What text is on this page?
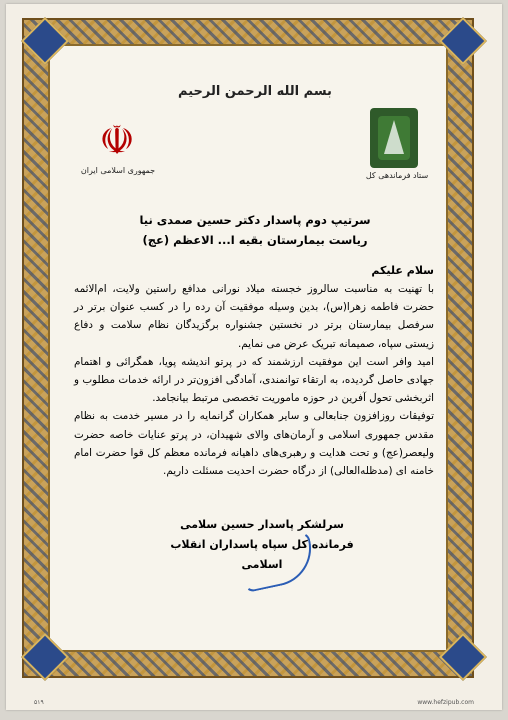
بسم الله الرحمن الرحیم
☫
جمهوری اسلامی ایران
ستاد فرماندهی کل
سرتیپ دوم پاسدار دکتر حسین صمدی نیا
ریاست بیمارستان بقیه ا... الاعظم (عج)
سلام علیکم

با تهنیت به مناسبت سالروز خجسته میلاد نورانی مدافع راستین ولایت، ام‌الائمه حضرت فاطمه زهرا(س)، بدین وسیله موفقیت آن رده را در کسب عنوان برتر در سرفصل بیمارستان برتر در نخستین جشنواره برگزیدگان نظام سلامت و دفاع زیستی سپاه، صمیمانه تبریک عرض می نمایم.

امید وافر است این موفقیت ارزشمند که در پرتو اندیشه پویا، همگرائی و اهتمام جهادی حاصل گردیده، به ارتقاء توانمندی، آمادگی افزون‌تر در ارائه خدمات مطلوب و اثربخشی تحول آفرین در حوزه ماموریت تخصصی مرتبط بیانجامد.

توفیقات روزافزون جنابعالی و سایر همکاران گرانمایه را در مسیر خدمت به نظام مقدس جمهوری اسلامی و آرمان‌های والای شهیدان، در پرتو عنایات خاصه حضرت ولیعصر(عج) و تحت هدایت و رهبری‌های داهیانه فرمانده معظم کل قوا حضرت امام خامنه ای (مدظله‌العالی) از درگاه حضرت احدیت مسئلت داریم.

سرلشکر پاسدار حسین سلامی
فرمانده کل سپاه پاسداران انقلاب اسلامی
۵۱۹	www.hefzipub.com
